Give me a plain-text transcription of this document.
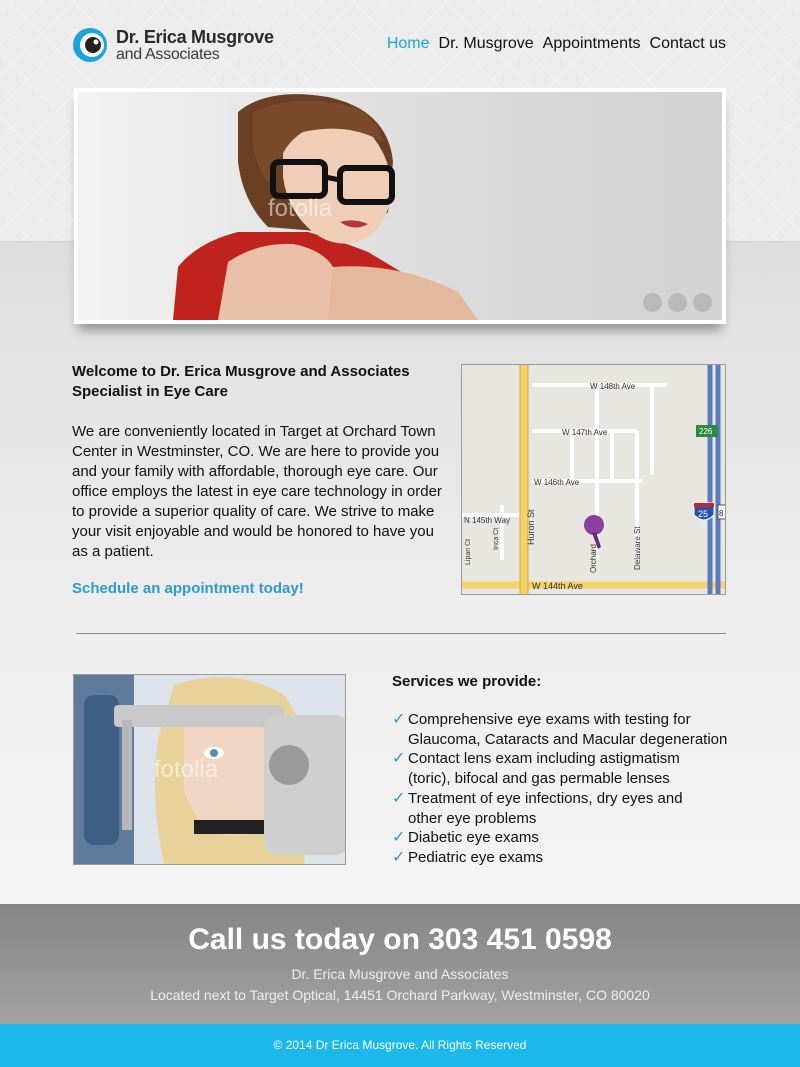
Dr. Erica Musgrove
and Associates
Home Dr. Musgrove Appointments Contact us
fotolia
Welcome to Dr. Erica Musgrove and Associates
Specialist in Eye Care

We are conveniently located in Target at Orchard Town Center in Westminster, CO. We are here to provide you and your family with affordable, thorough eye care. Our office employs the latest in eye care technology in order to provide a superior quality of care. We strive to make your visit enjoyable and would be honored to have you as a patient.

Schedule an appointment today!
W 148th Ave
W 147th Ave
W 146th Ave
N 145th Way
W 144th Ave
Huron St
Orchard	Delaware St
Inca Ct
Lipan Ct
226
25 8
fotolia
Services we provide:
✓ Comprehensive eye exams with testing for
Glaucoma, Cataracts and Macular degeneration
✓ Contact lens exam including astigmatism
(toric), bifocal and gas permable lenses
✓ Treatment of eye infections, dry eyes and
other eye problems
✓ Diabetic eye exams
✓ Pediatric eye exams
Call us today on 303 451 0598
Dr. Erica Musgrove and Associates
Located next to Target Optical, 14451 Orchard Parkway, Westminster, CO 80020
© 2014 Dr Erica Musgrove. All Rights Reserved
